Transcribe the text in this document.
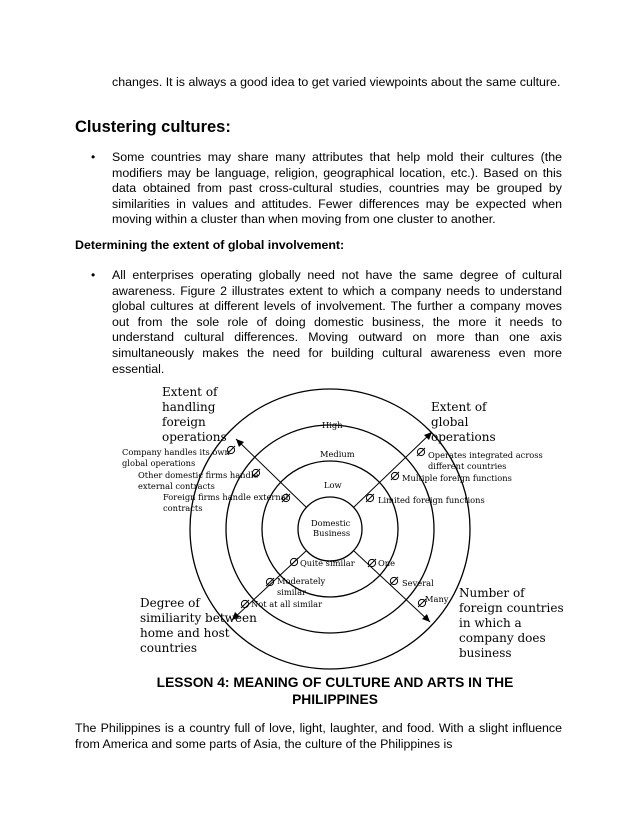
changes. It is always a good idea to get varied viewpoints about the same culture.
Clustering cultures:
• Some countries may share many attributes that help mold their cultures (the modifiers may be language, religion, geographical location, etc.). Based on this data obtained from past cross-cultural studies, countries may be grouped by similarities in values and attitudes. Fewer differences may be expected when moving within a cluster than when moving from one cluster to another.
Determining the extent of global involvement:
• All enterprises operating globally need not have the same degree of cultural awareness. Figure 2 illustrates extent to which a company needs to understand global cultures at different levels of involvement. The further a company moves out from the sole role of doing domestic business, the more it needs to understand cultural differences. Moving outward on more than one axis simultaneously makes the need for building cultural awareness even more essential.
High
Medium
Low
Domestic
Business
Extent of
handling
foreign
operations
Company handles its own
global operations
Other domestic firms handle
external contracts
Foreign firms handle external
contracts
Extent of
global
operations
Operates integrated across
different countries
Multiple foreign functions
Limited foreign functions
Degree of
similiarity between
home and host
countries
Quite similar
Moderately
similar
Not at all similar
Number of
foreign countries
in which a
company does
business
One
Several
Many
LESSON 4: MEANING OF CULTURE AND ARTS IN THE
PHILIPPINES
The Philippines is a country full of love, light, laughter, and food. With a slight influence from America and some parts of Asia, the culture of the Philippines is
